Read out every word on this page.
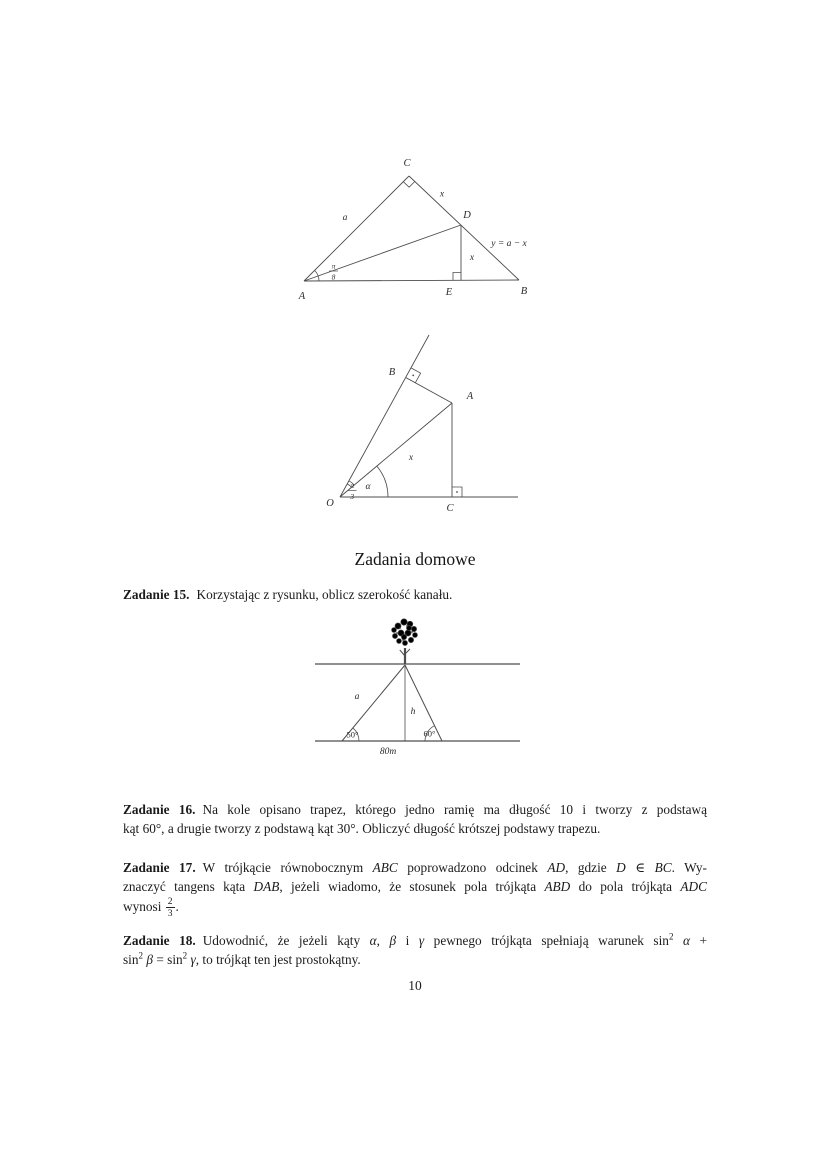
C
A	B
D
E
a
x
x
y = a − x
π
8
O
B
A
C
x
α
π
3
Zadania domowe
Zadanie 15. Korzystając z rysunku, oblicz szerokość kanału.
a
h
50°	60°
80m
Zadanie 16. Na kole opisano trapez, którego jedno ramię ma długość 10 i tworzy z podstawą
kąt 60°, a drugie tworzy z podstawą kąt 30°. Obliczyć długość krótszej podstawy trapezu.
Zadanie 17. W trójkącie równobocznym ABC poprowadzono odcinek AD, gdzie D ∈ BC. Wy-
znaczyć tangens kąta DAB, jeżeli wiadomo, że stosunek pola trójkąta ABD do pola trójkąta ADC
wynosi $\frac{2}{3}$ .
Zadanie 18. Udowodnić, że jeżeli kąty α, β i γ pewnego trójkąta spełniają warunek $\sin^2 \alpha$ +
$\sin^2 \beta = \sin^2 \gamma$, to trójkąt ten jest prostokątny.
10
